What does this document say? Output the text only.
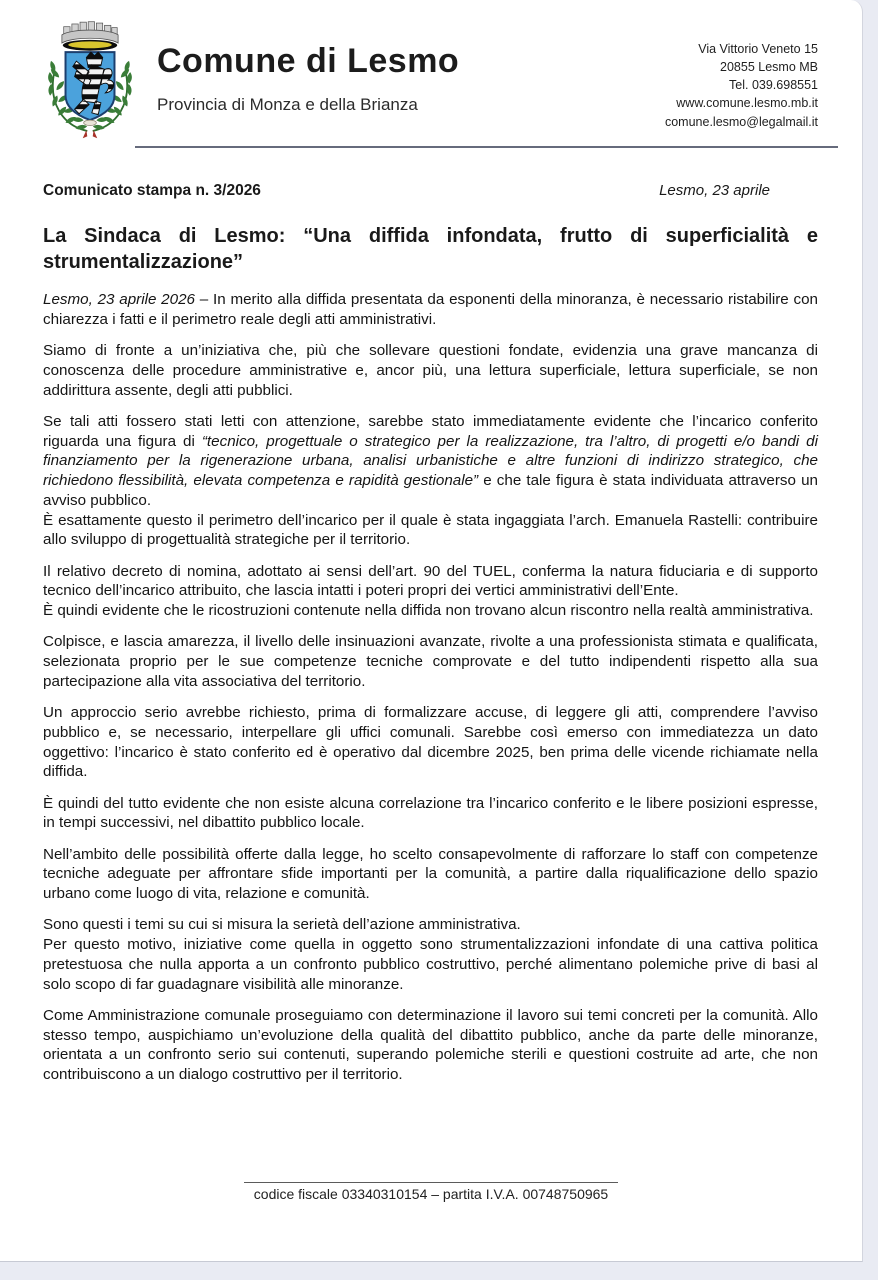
Comune di Lesmo
Provincia di Monza e della Brianza
Via Vittorio Veneto 15
20855 Lesmo MB
Tel. 039.698551
www.comune.lesmo.mb.it
comune.lesmo@legalmail.it
Comunicato stampa n. 3/2026	Lesmo, 23 aprile
La Sindaca di Lesmo: “Una diffida infondata, frutto di superficialità e strumentalizzazione”

Lesmo, 23 aprile 2026 – In merito alla diffida presentata da esponenti della minoranza, è necessario ristabilire con chiarezza i fatti e il perimetro reale degli atti amministrativi.

Siamo di fronte a un’iniziativa che, più che sollevare questioni fondate, evidenzia una grave mancanza di conoscenza delle procedure amministrative e, ancor più, una lettura superficiale, lettura superficiale, se non addirittura assente, degli atti pubblici.

Se tali atti fossero stati letti con attenzione, sarebbe stato immediatamente evidente che l’incarico conferito riguarda una figura di “tecnico, progettuale o strategico per la realizzazione, tra l’altro, di progetti e/o bandi di finanziamento per la rigenerazione urbana, analisi urbanistiche e altre funzioni di indirizzo strategico, che richiedono flessibilità, elevata competenza e rapidità gestionale” e che tale figura è stata individuata attraverso un avviso pubblico.
È esattamente questo il perimetro dell’incarico per il quale è stata ingaggiata l’arch. Emanuela Rastelli: contribuire allo sviluppo di progettualità strategiche per il territorio.

Il relativo decreto di nomina, adottato ai sensi dell’art. 90 del TUEL, conferma la natura fiduciaria e di supporto tecnico dell’incarico attribuito, che lascia intatti i poteri propri dei vertici amministrativi dell’Ente.
È quindi evidente che le ricostruzioni contenute nella diffida non trovano alcun riscontro nella realtà amministrativa.

Colpisce, e lascia amarezza, il livello delle insinuazioni avanzate, rivolte a una professionista stimata e qualificata, selezionata proprio per le sue competenze tecniche comprovate e del tutto indipendenti rispetto alla sua partecipazione alla vita associativa del territorio.

Un approccio serio avrebbe richiesto, prima di formalizzare accuse, di leggere gli atti, comprendere l’avviso pubblico e, se necessario, interpellare gli uffici comunali. Sarebbe così emerso con immediatezza un dato oggettivo: l’incarico è stato conferito ed è operativo dal dicembre 2025, ben prima delle vicende richiamate nella diffida.

È quindi del tutto evidente che non esiste alcuna correlazione tra l’incarico conferito e le libere posizioni espresse, in tempi successivi, nel dibattito pubblico locale.

Nell’ambito delle possibilità offerte dalla legge, ho scelto consapevolmente di rafforzare lo staff con competenze tecniche adeguate per affrontare sfide importanti per la comunità, a partire dalla riqualificazione dello spazio urbano come luogo di vita, relazione e comunità.

Sono questi i temi su cui si misura la serietà dell’azione amministrativa.
Per questo motivo, iniziative come quella in oggetto sono strumentalizzazioni infondate di una cattiva politica pretestuosa che nulla apporta a un confronto pubblico costruttivo, perché alimentano polemiche prive di basi al solo scopo di far guadagnare visibilità alle minoranze.

Come Amministrazione comunale proseguiamo con determinazione il lavoro sui temi concreti per la comunità. Allo stesso tempo, auspichiamo un’evoluzione della qualità del dibattito pubblico, anche da parte delle minoranze, orientata a un confronto serio sui contenuti, superando polemiche sterili e questioni costruite ad arte, che non contribuiscono a un dialogo costruttivo per il territorio.

codice fiscale 03340310154 – partita I.V.A. 00748750965
